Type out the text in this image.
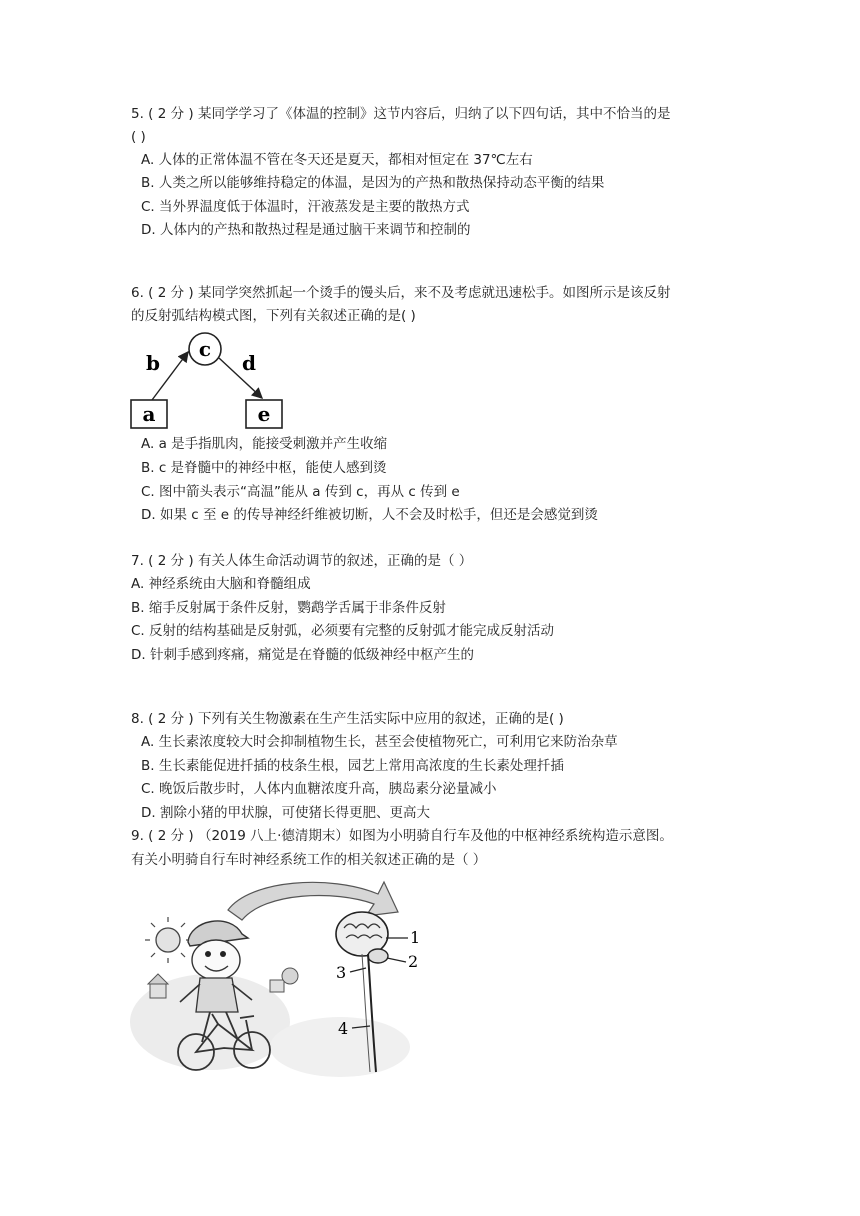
5. ( 2 分 ) 某同学学习了《体温的控制》这节内容后，归纳了以下四句话，其中不恰当的是
( )
A. 人体的正常体温不管在冬天还是夏天，都相对恒定在 37℃左右
B. 人类之所以能够维持稳定的体温，是因为的产热和散热保持动态平衡的结果
C. 当外界温度低于体温时，汗液蒸发是主要的散热方式
D. 人体内的产热和散热过程是通过脑干来调节和控制的
6. ( 2 分 ) 某同学突然抓起一个烫手的馒头后，来不及考虑就迅速松手。如图所示是该反射
的反射弧结构模式图，下列有关叙述正确的是( )
a	e
c
b	d
A. a 是手指肌肉，能接受刺激并产生收缩
B. c 是脊髓中的神经中枢，能使人感到烫
C. 图中箭头表示“高温”能从 a 传到 c，再从 c 传到 e
D. 如果 c 至 e 的传导神经纤维被切断，人不会及时松手，但还是会感觉到烫
7. ( 2 分 ) 有关人体生命活动调节的叙述，正确的是（ ）
A. 神经系统由大脑和脊髓组成
B. 缩手反射属于条件反射，鹦鹉学舌属于非条件反射
C. 反射的结构基础是反射弧，必须要有完整的反射弧才能完成反射活动
D. 针刺手感到疼痛，痛觉是在脊髓的低级神经中枢产生的
8. ( 2 分 ) 下列有关生物激素在生产生活实际中应用的叙述，正确的是( )
A. 生长素浓度较大时会抑制植物生长，甚至会使植物死亡，可利用它来防治杂草
B. 生长素能促进扦插的枝条生根，园艺上常用高浓度的生长素处理扦插
C. 晚饭后散步时，人体内血糖浓度升高，胰岛素分泌量减小
D. 割除小猪的甲状腺，可使猪长得更肥、更高大
9. ( 2 分 ) （2019 八上·德清期末）如图为小明骑自行车及他的中枢神经系统构造示意图。
有关小明骑自行车时神经系统工作的相关叙述正确的是（ ）
1
2
3
4
